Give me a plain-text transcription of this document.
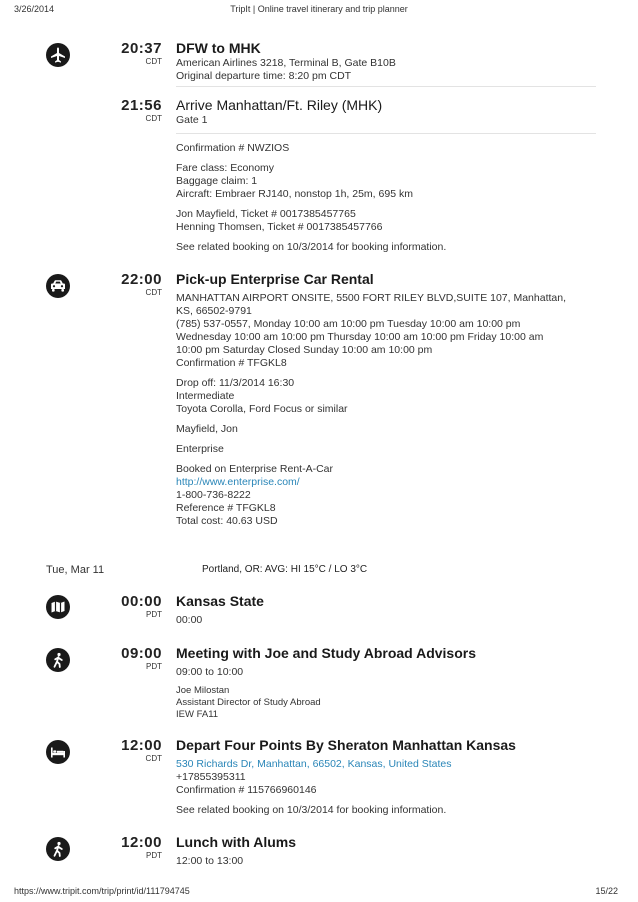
3/26/2014	TripIt | Online travel itinerary and trip planner
20:37
CDT
DFW to MHK
American Airlines 3218, Terminal B, Gate B10B
Original departure time: 8:20 pm CDT
21:56
CDT
Arrive Manhattan/Ft. Riley (MHK)
Gate 1
Confirmation # NWZIOS
Fare class: Economy
Baggage claim: 1
Aircraft: Embraer RJ140, nonstop 1h, 25m, 695 km
Jon Mayfield, Ticket # 0017385457765
Henning Thomsen, Ticket # 0017385457766
See related booking on 10/3/2014 for booking information.
22:00
CDT
Pick-up Enterprise Car Rental
MANHATTAN AIRPORT ONSITE, 5500 FORT RILEY BLVD,SUITE 107, Manhattan,
KS, 66502-9791
(785) 537-0557, Monday 10:00 am 10:00 pm Tuesday 10:00 am 10:00 pm
Wednesday 10:00 am 10:00 pm Thursday 10:00 am 10:00 pm Friday 10:00 am
10:00 pm Saturday Closed Sunday 10:00 am 10:00 pm
Confirmation # TFGKL8
Drop off: 11/3/2014 16:30
Intermediate
Toyota Corolla, Ford Focus or similar
Mayfield, Jon
Enterprise
Booked on Enterprise Rent-A-Car
http://www.enterprise.com/
1-800-736-8222
Reference # TFGKL8
Total cost: 40.63 USD
Tue, Mar 11	Portland, OR: AVG: HI 15°C / LO 3°C
00:00
PDT
Kansas State
00:00
09:00
PDT
Meeting with Joe and Study Abroad Advisors
09:00 to 10:00
Joe Milostan
Assistant Director of Study Abroad
IEW FA11
12:00
CDT
Depart Four Points By Sheraton Manhattan Kansas
530 Richards Dr, Manhattan, 66502, Kansas, United States
+17855395311
Confirmation # 115766960146
See related booking on 10/3/2014 for booking information.
12:00
PDT
Lunch with Alums
12:00 to 13:00
https://www.tripit.com/trip/print/id/111794745	15/22
